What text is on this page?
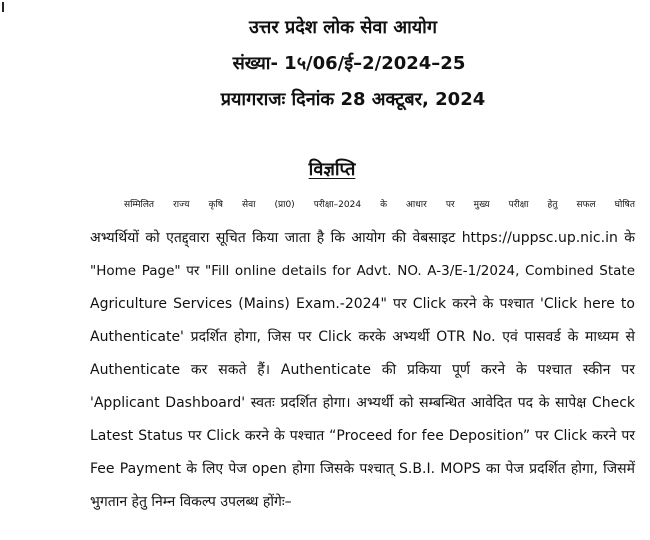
उत्तर प्रदेश लोक सेवा आयोग
संख्या- 1५/06/ई–2/2024–25
प्रयागराजः दिनांक 28 अक्टूबर, 2024
विज्ञप्ति
सम्मिलित राज्य कृषि सेवा (प्रा0) परीक्षा–2024 के आधार पर मुख्य परीक्षा हेतु सफल घोषित
अभ्यर्थियों को एतद्द्वारा सूचित किया जाता है कि आयोग की वेबसाइट https://uppsc.up.nic.in के
"Home Page" पर "Fill online details for Advt. NO. A-3/E-1/2024, Combined State
Agriculture Services (Mains) Exam.-2024" पर Click करने के पश्चात 'Click here to
Authenticate' प्रदर्शित होगा, जिस पर Click करके अभ्यर्थी OTR No. एवं पासवर्ड के माध्यम से
Authenticate कर सकते हैं। Authenticate की प्रकिया पूर्ण करने के पश्चात स्कीन पर
'Applicant Dashboard' स्वतः प्रदर्शित होगा। अभ्यर्थी को सम्बन्धित आवेदित पद के सापेक्ष Check
Latest Status पर Click करने के पश्चात “Proceed for fee Deposition” पर Click करने पर
Fee Payment के लिए पेज open होगा जिसके पश्चात् S.B.I. MOPS का पेज प्रदर्शित होगा, जिसमें
भुगतान हेतु निम्न विकल्प उपलब्ध होंगेः–
